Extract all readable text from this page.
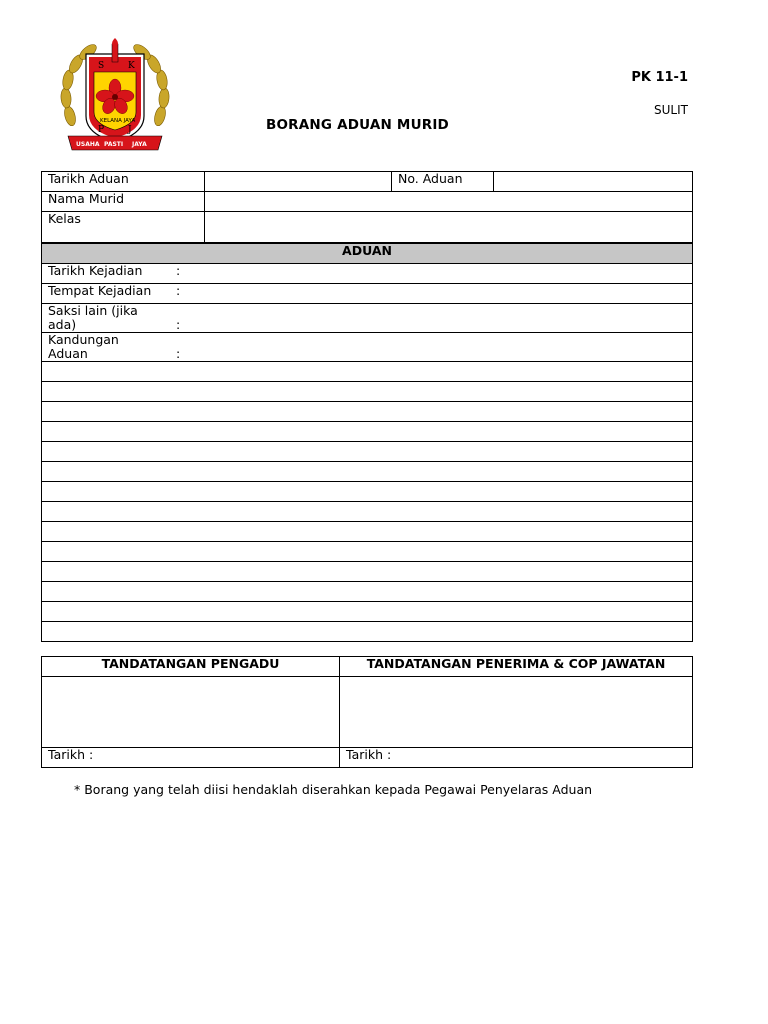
S	K
P	J
USAHA PASTI JAYA
KELANA JAYA
PK 11-1
SULIT
BORANG ADUAN MURID
Tarikh Aduan		No. Aduan	
Nama Murid			
Kelas			
ADUAN
Tarikh Kejadian	:
Tempat Kejadian :
Saksi lain (jika
ada)	:
Kandungan
Aduan	:

TANDATANGAN PENGADU	TANDATANGAN PENERIMA & COP JAWATAN

Tarikh :	Tarikh :
* Borang yang telah diisi hendaklah diserahkan kepada Pegawai Penyelaras Aduan
